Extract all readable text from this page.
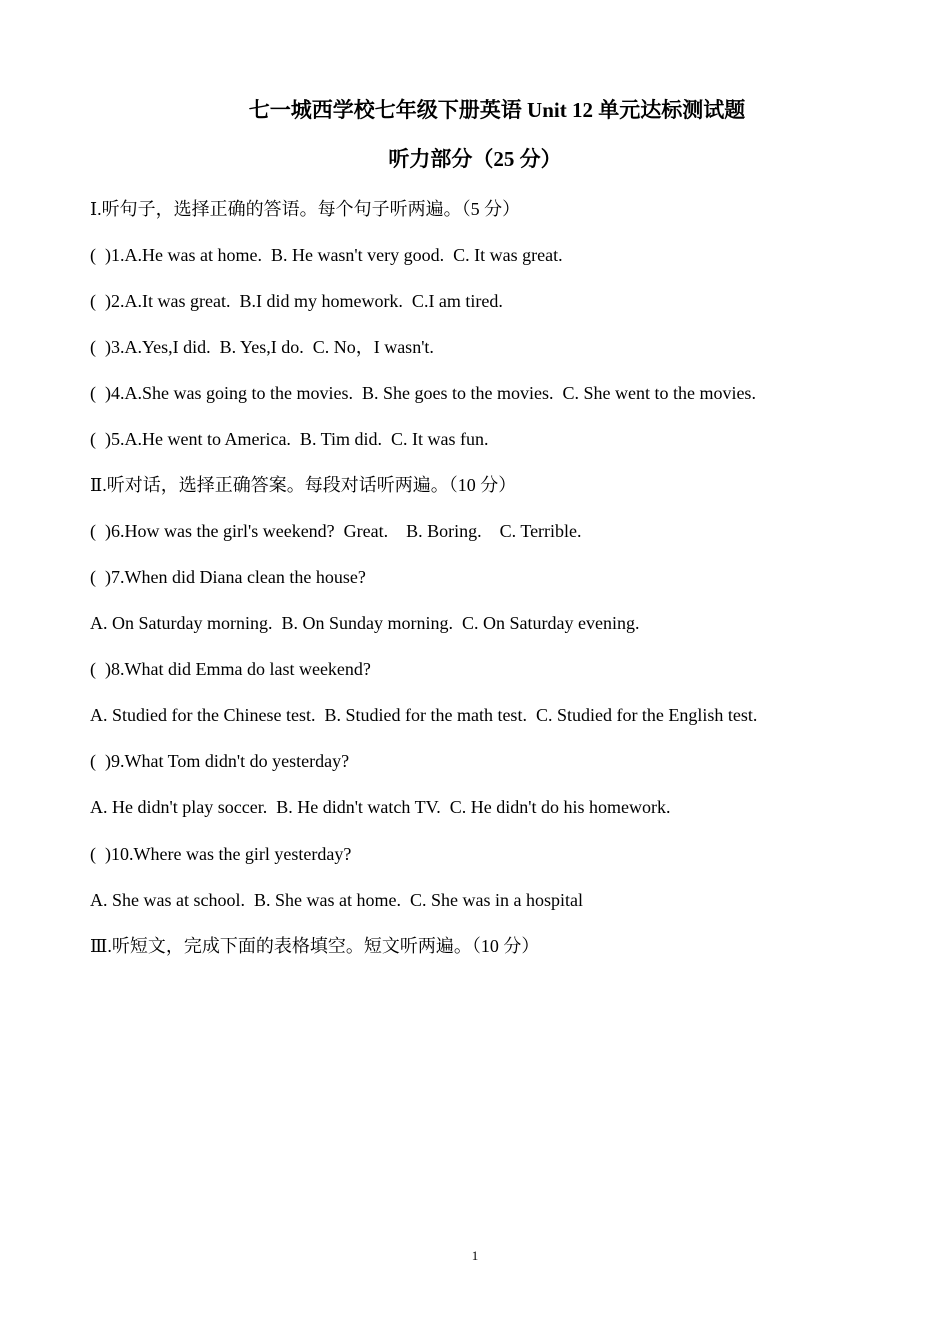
七一城西学校七年级下册英语 Unit 12 单元达标测试题
听力部分（25 分）
Ⅰ.听句子，选择正确的答语。每个句子听两遍。（5 分）
(  )1.A.He was at home.  B. He wasn't very good.  C. It was great.
(  )2.A.It was great.  B.I did my homework.  C.I am tired.
(  )3.A.Yes,I did.  B. Yes,I do.  C. No，I wasn't.
(  )4.A.She was going to the movies.  B. She goes to the movies.  C. She went to the movies.
(  )5.A.He went to America.  B. Tim did.  C. It was fun.
Ⅱ.听对话，选择正确答案。每段对话听两遍。（10 分）
(  )6.How was the girl's weekend?  Great.    B. Boring.    C. Terrible.
(  )7.When did Diana clean the house?
A. On Saturday morning.  B. On Sunday morning.  C. On Saturday evening.
(  )8.What did Emma do last weekend?
A. Studied for the Chinese test.  B. Studied for the math test.  C. Studied for the English test.
(  )9.What Tom didn't do yesterday?
A. He didn't play soccer.  B. He didn't watch TV.  C. He didn't do his homework.
(  )10.Where was the girl yesterday?
A. She was at school.  B. She was at home.  C. She was in a hospital
Ⅲ.听短文，完成下面的表格填空。短文听两遍。（10 分）
1
